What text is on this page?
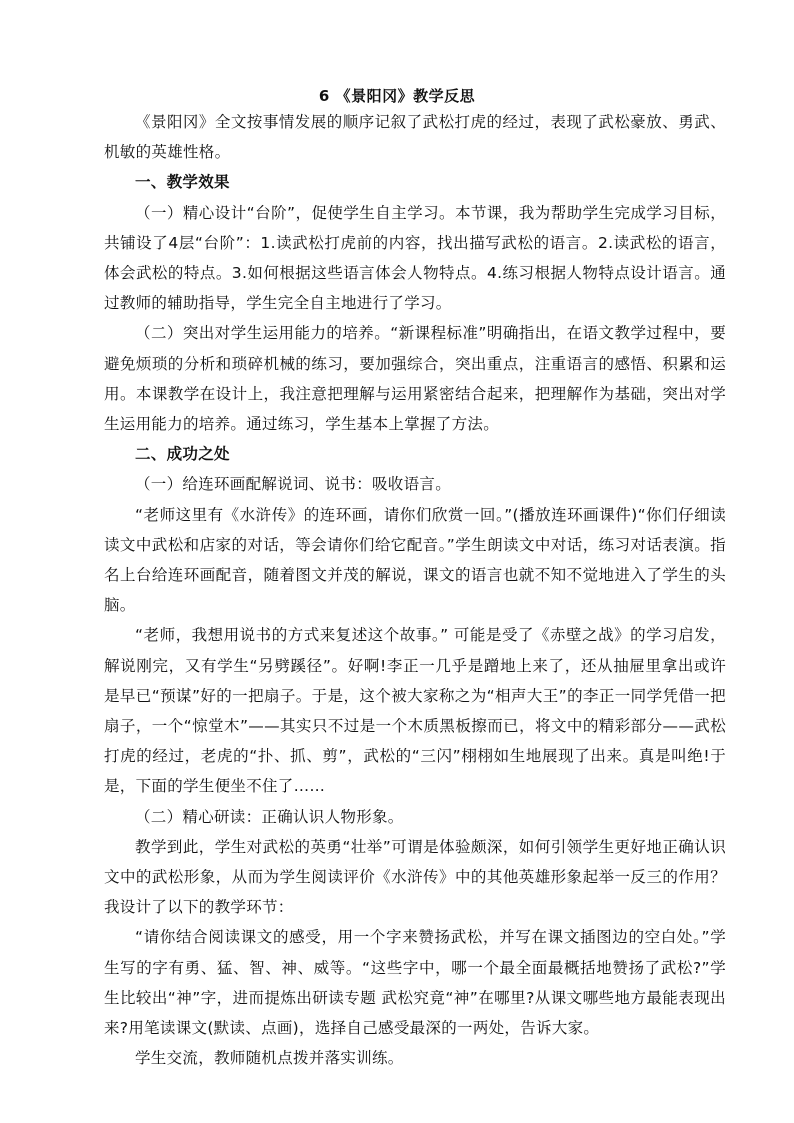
6 《景阳冈》教学反思

《景阳冈》全文按事情发展的顺序记叙了武松打虎的经过，表现了武松豪放、勇武、机敏的英雄性格。

一、教学效果

（一）精心设计“台阶”，促使学生自主学习。本节课，我为帮助学生完成学习目标，共铺设了4层“台阶”：1.读武松打虎前的内容，找出描写武松的语言。2.读武松的语言，体会武松的特点。3.如何根据这些语言体会人物特点。4.练习根据人物特点设计语言。通过教师的辅助指导，学生完全自主地进行了学习。

（二）突出对学生运用能力的培养。“新课程标准”明确指出，在语文教学过程中，要避免烦琐的分析和琐碎机械的练习，要加强综合，突出重点，注重语言的感悟、积累和运用。本课教学在设计上，我注意把理解与运用紧密结合起来，把理解作为基础，突出对学生运用能力的培养。通过练习，学生基本上掌握了方法。

二、成功之处

（一）给连环画配解说词、说书：吸收语言。

“老师这里有《水浒传》的连环画，请你们欣赏一回。”(播放连环画课件)“你们仔细读读文中武松和店家的对话，等会请你们给它配音。”学生朗读文中对话，练习对话表演。指名上台给连环画配音，随着图文并茂的解说，课文的语言也就不知不觉地进入了学生的头脑。

“老师，我想用说书的方式来复述这个故事。” 可能是受了《赤壁之战》的学习启发，解说刚完，又有学生“另劈蹊径”。好啊!李正一几乎是蹭地上来了，还从抽屉里拿出或许是早已“预谋”好的一把扇子。于是，这个被大家称之为“相声大王”的李正一同学凭借一把扇子，一个“惊堂木”——其实只不过是一个木质黑板擦而已，将文中的精彩部分——武松打虎的经过，老虎的“扑、抓、剪”，武松的“三闪”栩栩如生地展现了出来。真是叫绝!于是，下面的学生便坐不住了……

（二）精心研读：正确认识人物形象。

教学到此，学生对武松的英勇“壮举”可谓是体验颇深，如何引领学生更好地正确认识文中的武松形象，从而为学生阅读评价《水浒传》中的其他英雄形象起举一反三的作用？我设计了以下的教学环节：

“请你结合阅读课文的感受，用一个字来赞扬武松，并写在课文插图边的空白处。”学生写的字有勇、猛、智、神、威等。“这些字中，哪一个最全面最概括地赞扬了武松?”学生比较出“神”字，进而提炼出研读专题 武松究竟“神”在哪里?从课文哪些地方最能表现出来?用笔读课文(默读、点画)，选择自己感受最深的一两处，告诉大家。

学生交流，教师随机点拨并落实训练。
